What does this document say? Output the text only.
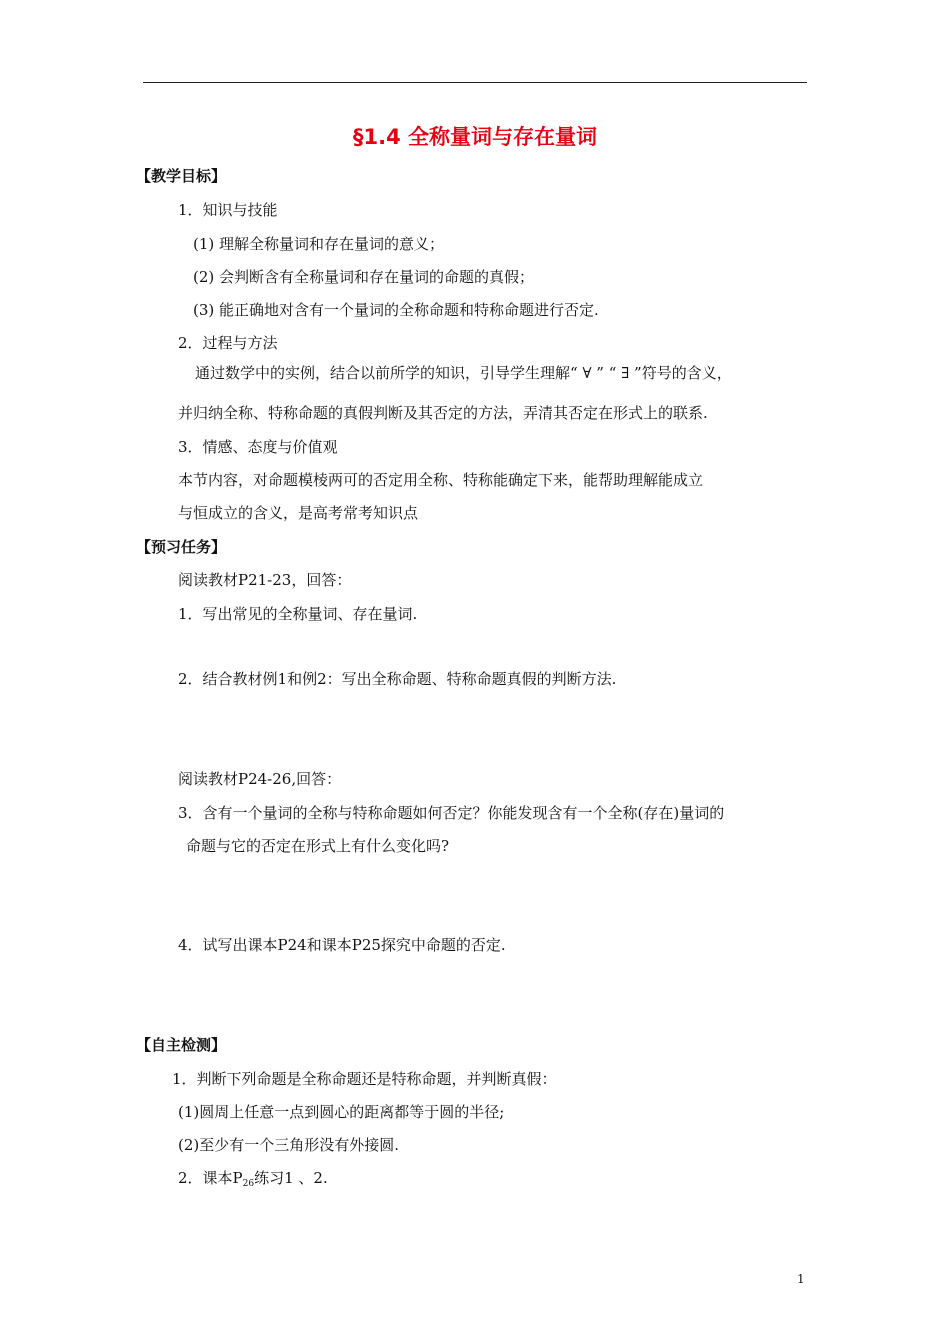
§1.4 全称量词与存在量词
【教学目标】
1．知识与技能
(1) 理解全称量词和存在量词的意义；
(2) 会判断含有全称量词和存在量词的命题的真假；
(3) 能正确地对含有一个量词的全称命题和特称命题进行否定.
2．过程与方法
通过数学中的实例，结合以前所学的知识，引导学生理解“ ∀ ” “ ∃ ”符号的含义，
并归纳全称、特称命题的真假判断及其否定的方法，弄清其否定在形式上的联系.
3．情感、态度与价值观
本节内容，对命题模棱两可的否定用全称、特称能确定下来，能帮助理解能成立
与恒成立的含义，是高考常考知识点
【预习任务】
阅读教材P21-23，回答：
1．写出常见的全称量词、存在量词.
2．结合教材例1和例2：写出全称命题、特称命题真假的判断方法.
阅读教材P24-26,回答：
3．含有一个量词的全称与特称命题如何否定？你能发现含有一个全称(存在)量词的
命题与它的否定在形式上有什么变化吗?
4．试写出课本P24和课本P25探究中命题的否定.
【自主检测】
1．判断下列命题是全称命题还是特称命题，并判断真假：
(1)圆周上任意一点到圆心的距离都等于圆的半径;
(2)至少有一个三角形没有外接圆.
2．课本$P_{26}$练习1 、2.
1
